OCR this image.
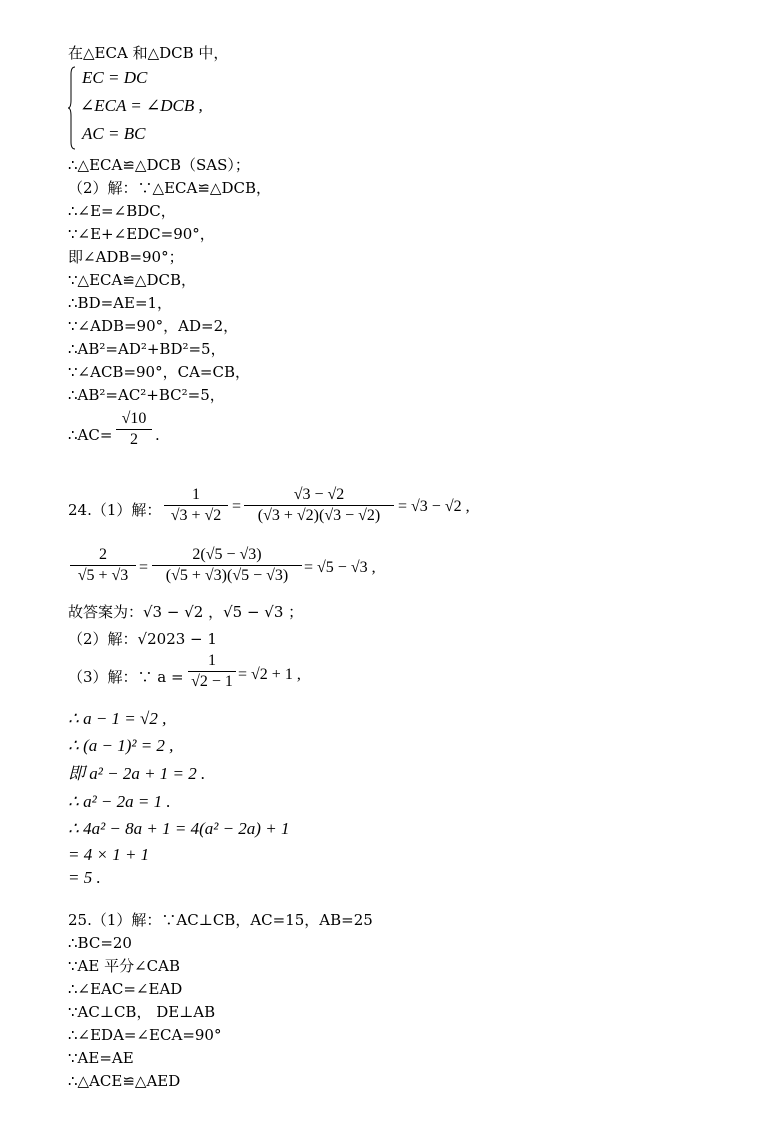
在△ECA 和△DCB 中，
EC = DC
∠ECA = ∠DCB ,
AC = BC
∴△ECA≌△DCB（SAS）；
（2）解：∵△ECA≌△DCB，
∴∠E=∠BDC，
∵∠E+∠EDC=90°，
即∠ADB=90°；
∵△ECA≌△DCB，
∴BD=AE=1，
∵∠ADB=90°，AD=2，
∴AB²=AD²+BD²=5，
∵∠ACB=90°，CA=CB，
∴AB²=AC²+BC²=5，
∴AC=
√10
2	.
24.（1）解：
1
√3 + √2
=
√3 − √2
(√3 + √2)(√3 − √2)
= √3 − √2 ,
2
√5 + √3 =
2(√5 − √3)
(√5 + √3)(√5 − √3) = √5 − √3 ,
故答案为：√3 − √2 ，√5 − √3 ；
（2）解：√2023 − 1
（3）解：∵ a =
1
√2 − 1 = √2 + 1 ,
∴ a − 1 = √2 ,
∴ (a − 1)² = 2 ,
即 a² − 2a + 1 = 2 .
∴ a² − 2a = 1 .
∴ 4a² − 8a + 1 = 4(a² − 2a) + 1
= 4 × 1 + 1
= 5 .
25.（1）解：∵AC⊥CB，AC=15，AB=25
∴BC=20
∵AE 平分∠CAB
∴∠EAC=∠EAD
∵AC⊥CB， DE⊥AB
∴∠EDA=∠ECA=90°
∵AE=AE
∴△ACE≌△AED
